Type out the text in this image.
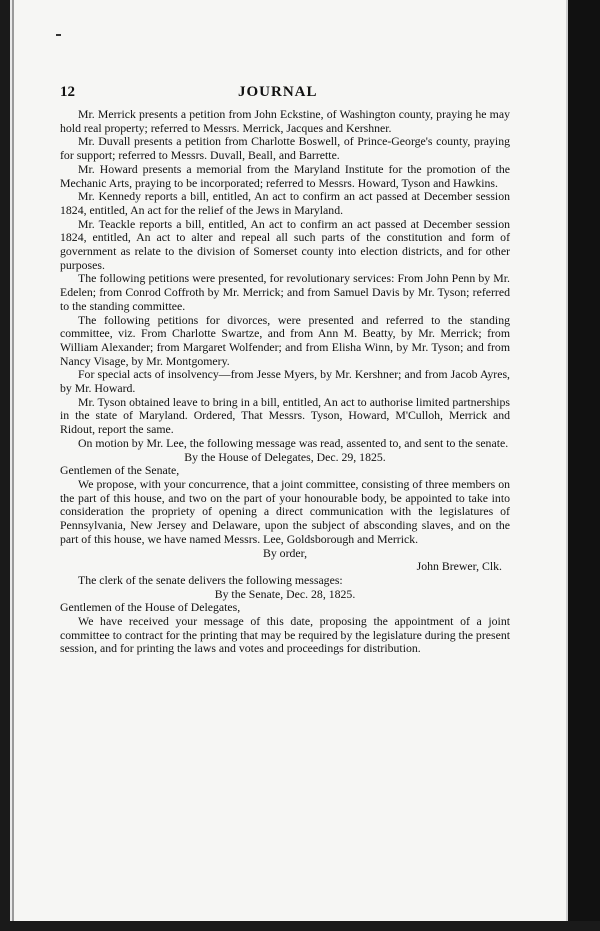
12	JOURNAL

Mr. Merrick presents a petition from John Eckstine, of Washington county, praying he may hold real property; referred to Messrs. Merrick, Jacques and Kershner.

Mr. Duvall presents a petition from Charlotte Boswell, of Prince-George's county, praying for support; referred to Messrs. Duvall, Beall, and Barrette.

Mr. Howard presents a memorial from the Maryland Institute for the promotion of the Mechanic Arts, praying to be incorporated; referred to Messrs. Howard, Tyson and Hawkins.

Mr. Kennedy reports a bill, entitled, An act to confirm an act passed at December session 1824, entitled, An act for the relief of the Jews in Maryland.

Mr. Teackle reports a bill, entitled, An act to confirm an act passed at December session 1824, entitled, An act to alter and repeal all such parts of the constitution and form of government as relate to the division of Somerset county into election districts, and for other purposes.

The following petitions were presented, for revolutionary services: From John Penn by Mr. Edelen; from Conrod Coffroth by Mr. Merrick; and from Samuel Davis by Mr. Tyson; referred to the standing committee.

The following petitions for divorces, were presented and referred to the standing committee, viz. From Charlotte Swartze, and from Ann M. Beatty, by Mr. Merrick; from William Alexander; from Margaret Wolfender; and from Elisha Winn, by Mr. Tyson; and from Nancy Visage, by Mr. Montgomery.

For special acts of insolvency—from Jesse Myers, by Mr. Kershner; and from Jacob Ayres, by Mr. Howard.

Mr. Tyson obtained leave to bring in a bill, entitled, An act to authorise limited partnerships in the state of Maryland. Ordered, That Messrs. Tyson, Howard, M'Culloh, Merrick and Ridout, report the same.

On motion by Mr. Lee, the following message was read, assented to, and sent to the senate.

By the House of Delegates, Dec. 29, 1825.

Gentlemen of the Senate,

We propose, with your concurrence, that a joint committee, consisting of three members on the part of this house, and two on the part of your honourable body, be appointed to take into consideration the propriety of opening a direct communication with the legislatures of Pennsylvania, New Jersey and Delaware, upon the subject of absconding slaves, and on the part of this house, we have named Messrs. Lee, Goldsborough and Merrick.

By order,

John Brewer, Clk.

The clerk of the senate delivers the following messages:

By the Senate, Dec. 28, 1825.

Gentlemen of the House of Delegates,

We have received your message of this date, proposing the appointment of a joint committee to contract for the printing that may be required by the legislature during the present session, and for printing the laws and votes and proceedings for distribution.
